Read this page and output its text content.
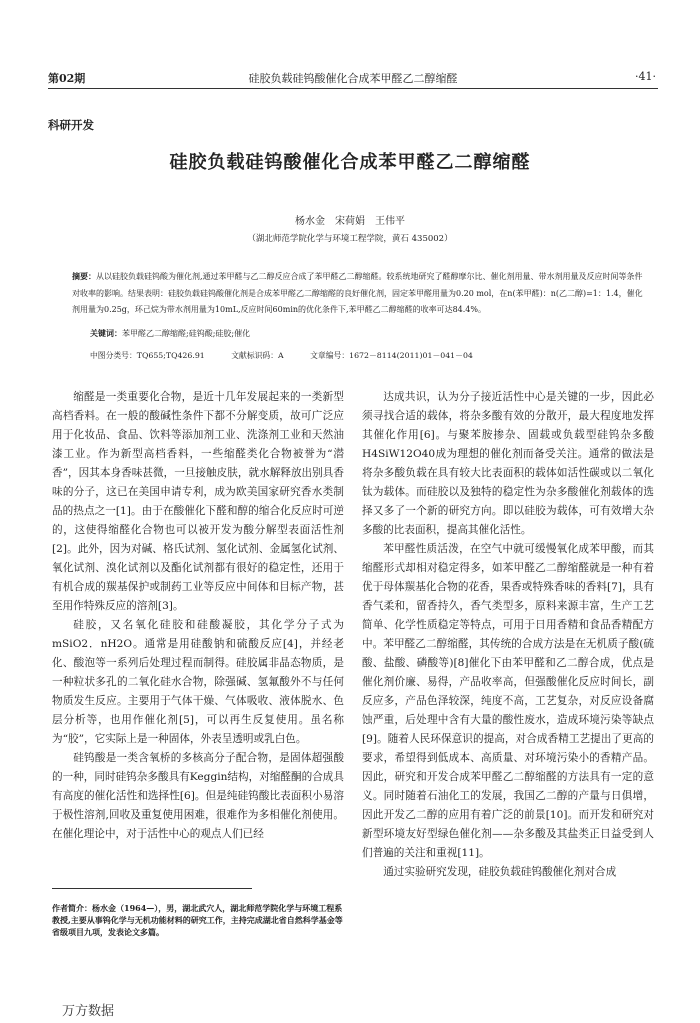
第02期	硅胶负载硅钨酸催化合成苯甲醛乙二醇缩醛	·41·
科研开发
硅胶负载硅钨酸催化合成苯甲醛乙二醇缩醛
杨水金　宋荷娟　王伟平
（湖北师范学院化学与环境工程学院，黄石 435002）
摘要：从以硅胶负载硅钨酸为催化剂,通过苯甲醛与乙二醇反应合成了苯甲醛乙二醇缩醛。较系统地研究了醛醇摩尔比、催化剂用量、带水剂用量及反应时间等条件对收率的影响。结果表明：硅胶负载硅钨酸催化剂是合成苯甲醛乙二醇缩醛的良好催化剂，固定苯甲醛用量为0.20 mol，在n(苯甲醛)：n(乙二醇)=1：1.4，催化剂用量为0.25g，环己烷为带水剂用量为10mL,反应时间60min的优化条件下,苯甲醛乙二醇缩醛的收率可达84.4%。
关键词：苯甲醛乙二醇缩醛;硅钨酸;硅胶;催化
中图分类号：TQ655;TQ426.91	文献标识码：A	文章编号：1672－8114(2011)01－041－04

缩醛是一类重要化合物，是近十几年发展起来的一类新型高档香料。在一般的酸碱性条件下都不分解变质，故可广泛应用于化妆品、食品、饮料等添加剂工业、洗涤剂工业和天然油漆工业。作为新型高档香料，一些缩醛类化合物被誉为“潜香”，因其本身香味甚微，一旦接触皮肤，就水解释放出别具香味的分子，这已在美国申请专利，成为欧美国家研究香水类制品的热点之一[1]。由于在酸催化下醛和醇的缩合化反应时可逆的，这使得缩醛化合物也可以被开发为酸分解型表面活性剂[2]。此外，因为对碱、格氏试剂、氢化试剂、金属氢化试剂、氧化试剂、溴化试剂以及酯化试剂都有很好的稳定性，还用于有机合成的羰基保护或制药工业等反应中间体和目标产物，甚至用作特殊反应的溶剂[3]。

硅胶，又名氧化硅胶和硅酸凝胶，其化学分子式为mSiO2．nH2O。通常是用硅酸钠和硫酸反应[4]，并经老化、酸泡等一系列后处理过程而制得。硅胶属非晶态物质，是一种粒状多孔的二氧化硅水合物，除强碱、氢氟酸外不与任何物质发生反应。主要用于气体干燥、气体吸收、液体脱水、色层分析等，也用作催化剂[5]，可以再生反复使用。虽名称为“胶”，它实际上是一种固体，外表呈透明或乳白色。

硅钨酸是一类含氧桥的多核高分子配合物，是固体超强酸的一种，同时硅钨杂多酸具有Keggin结构，对缩醛酮的合成具有高度的催化活性和选择性[6]。但是纯硅钨酸比表面积小易溶于极性溶剂,回收及重复使用困难，很难作为多相催化剂使用。在催化理论中，对于活性中心的观点人们已经

达成共识，认为分子接近活性中心是关键的一步，因此必须寻找合适的载体，将杂多酸有效的分散开，最大程度地发挥其催化作用[6]。与聚苯胺掺杂、固载或负载型硅钨杂多酸H4SiW12O40成为理想的催化剂而备受关注。通常的做法是将杂多酸负载在具有较大比表面积的载体如活性碳或以二氧化钛为载体。而硅胶以及独特的稳定性为杂多酸催化剂载体的选择又多了一个新的研究方向。即以硅胶为载体，可有效增大杂多酸的比表面积，提高其催化活性。

苯甲醛性质活泼，在空气中就可缓慢氧化成苯甲酸，而其缩醛形式却相对稳定得多，如苯甲醛乙二醇缩醛就是一种有着优于母体羰基化合物的花香，果香或特殊香味的香料[7]，具有香气柔和，留香持久，香气类型多，原料来源丰富，生产工艺简单、化学性质稳定等特点，可用于日用香精和食品香精配方中。苯甲醛乙二醇缩醛，其传统的合成方法是在无机质子酸(硫酸、盐酸、磷酸等)[8]催化下由苯甲醛和乙二醇合成，优点是催化剂价廉、易得，产品收率高，但强酸催化反应时间长，副反应多，产品色泽较深，纯度不高，工艺复杂，对反应设备腐蚀严重，后处理中含有大量的酸性废水，造成环境污染等缺点[9]。随着人民环保意识的提高，对合成香精工艺提出了更高的要求，希望得到低成本、高质量、对环境污染小的香精产品。因此，研究和开发合成苯甲醛乙二醇缩醛的方法具有一定的意义。同时随着石油化工的发展，我国乙二醇的产量与日俱增，因此开发乙二醇的应用有着广泛的前景[10]。而开发和研究对新型环境友好型绿色催化剂——杂多酸及其盐类正日益受到人们普遍的关注和重视[11]。

通过实验研究发现，硅胶负载硅钨酸催化剂对合成

作者简介：杨水金（1964—），男，湖北武穴人，湖北师范学院化学与环境工程系教授,主要从事钨化学与无机功能材料的研究工作，主持完成湖北省自然科学基金等省级项目九项，发表论文多篇。
万方数据
